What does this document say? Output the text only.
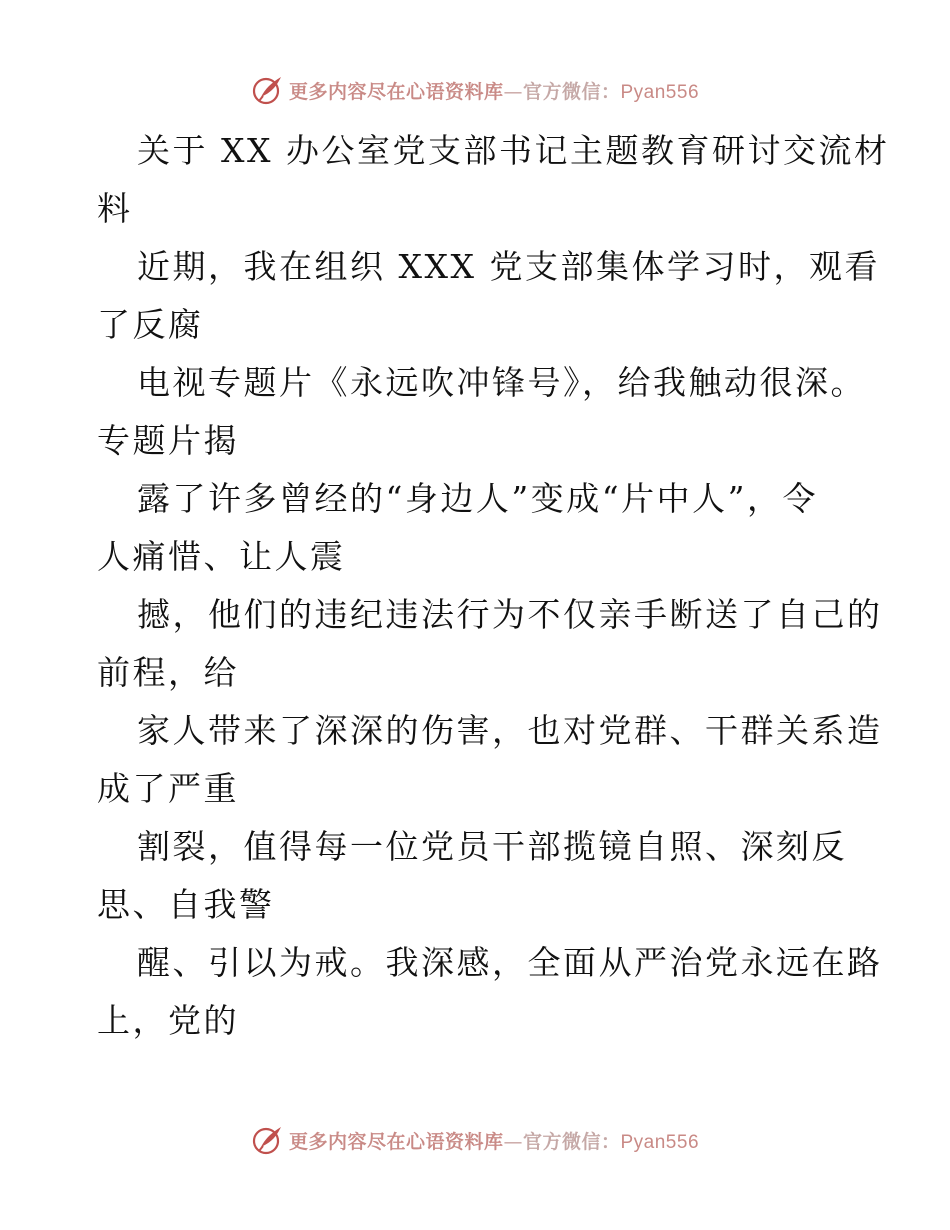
更多内容尽在心语资料库—官方微信：Pyan556
关于 XX 办公室党支部书记主题教育研讨交流材
料
近期，我在组织 XXX 党支部集体学习时，观看
了反腐
电视专题片《永远吹冲锋号》，给我触动很深。
专题片揭
露了许多曾经的“身边人”变成“片中人”，令
人痛惜、让人震
撼，他们的违纪违法行为不仅亲手断送了自己的
前程，给
家人带来了深深的伤害，也对党群、干群关系造
成了严重
割裂，值得每一位党员干部揽镜自照、深刻反
思、自我警
醒、引以为戒。我深感，全面从严治党永远在路
上，党的
更多内容尽在心语资料库—官方微信：Pyan556
